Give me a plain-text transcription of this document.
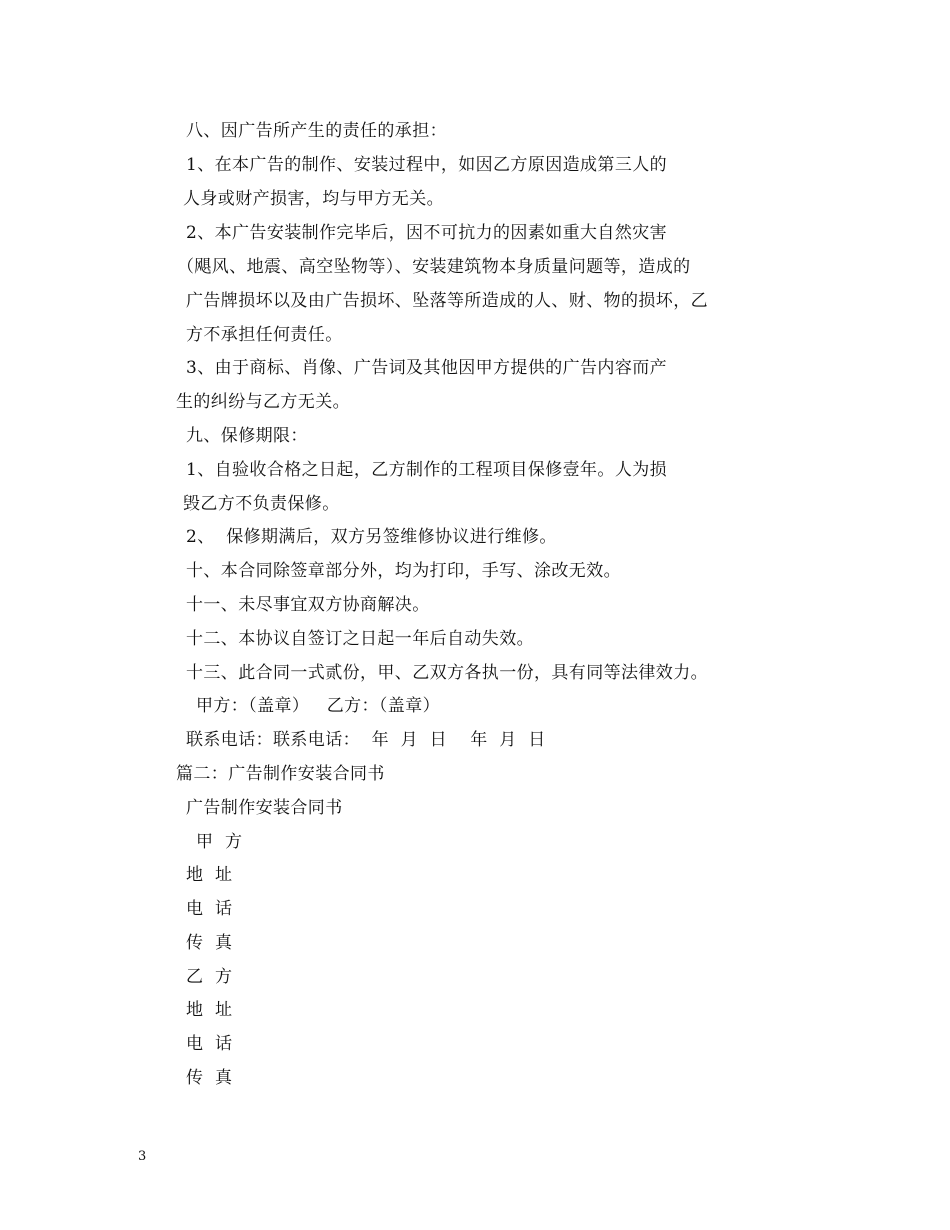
八、因广告所产生的责任的承担：
1、在本广告的制作、安装过程中，如因乙方原因造成第三人的
人身或财产损害，均与甲方无关。
2、本广告安装制作完毕后，因不可抗力的因素如重大自然灾害
（飓风、地震、高空坠物等）、安装建筑物本身质量问题等，造成的
广告牌损坏以及由广告损坏、坠落等所造成的人、财、物的损坏，乙
方不承担任何责任。
3、由于商标、肖像、广告词及其他因甲方提供的广告内容而产
生的纠纷与乙方无关。
九、保修期限：
1、自验收合格之日起，乙方制作的工程项目保修壹年。人为损
毁乙方不负责保修。
2、  保修期满后，双方另签维修协议进行维修。
十、本合同除签章部分外，均为打印，手写、涂改无效。
十一、未尽事宜双方协商解决。
十二、本协议自签订之日起一年后自动失效。
十三、此合同一式贰份，甲、乙双方各执一份，具有同等法律效力。
甲方：（盖章）   乙方：（盖章）
联系电话：联系电话：  年  月  日    年  月  日
篇二：广告制作安装合同书
广告制作安装合同书
甲  方
地  址
电  话
传  真
乙  方
地  址
电  话
传  真
3
